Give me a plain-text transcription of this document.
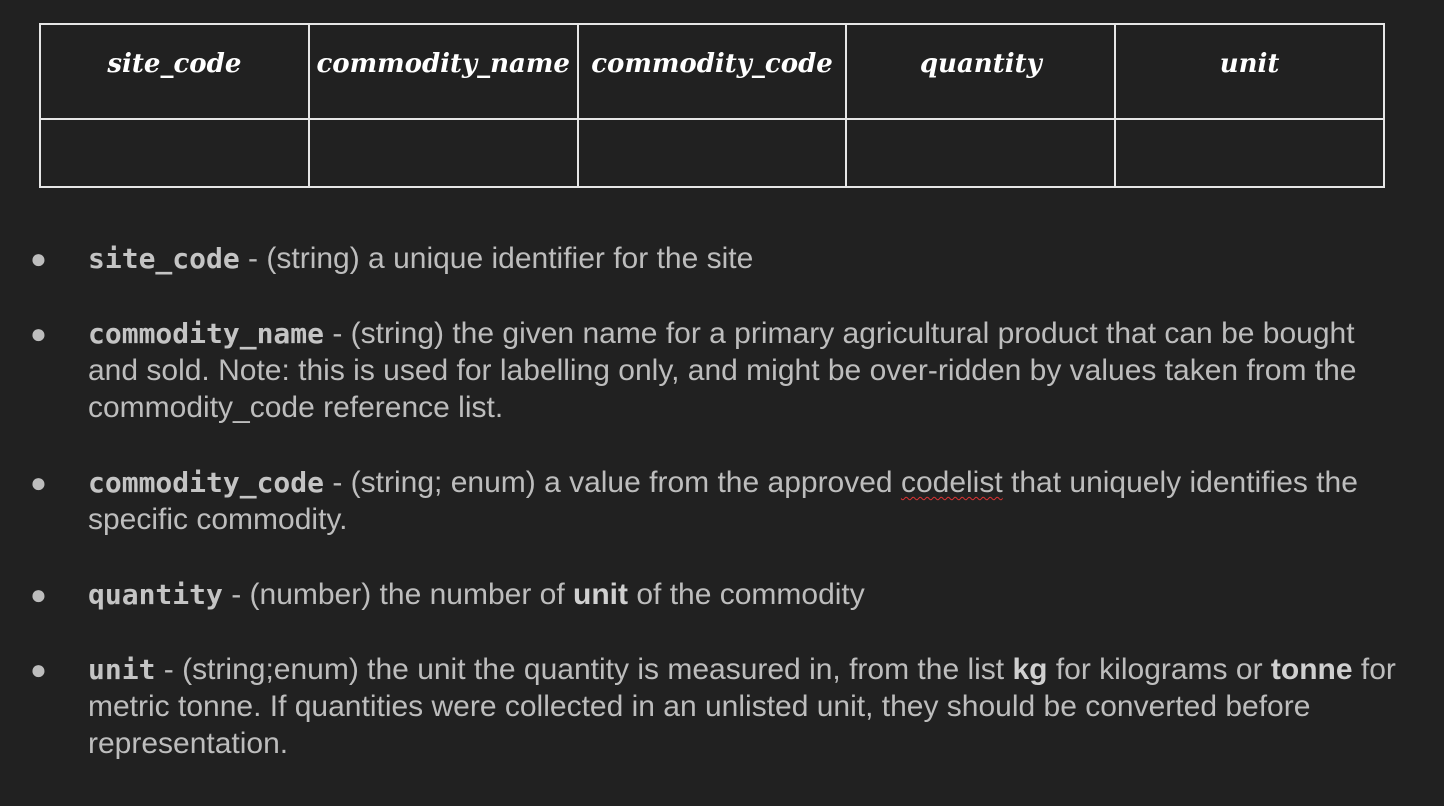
site_code	commodity_name	commodity_code	quantity	unit

● site_code - (string) a unique identifier for the site
● commodity_name - (string) the given name for a primary agricultural product that can be bought and sold. Note: this is used for labelling only, and might be over-ridden by values taken from the commodity_code reference list.
● commodity_code - (string; enum) a value from the approved codelist that uniquely identifies the specific commodity.
● quantity - (number) the number of unit of the commodity
● unit - (string;enum) the unit the quantity is measured in, from the list kg for kilograms or tonne for metric tonne. If quantities were collected in an unlisted unit, they should be converted before representation.
